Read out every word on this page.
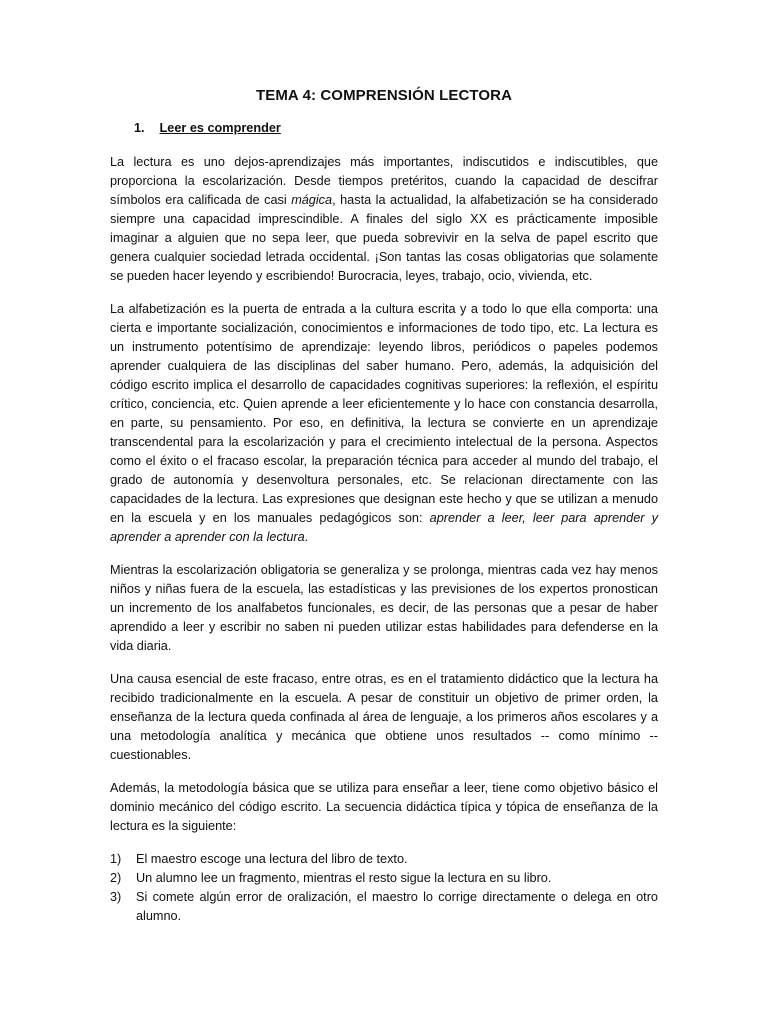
TEMA 4: COMPRENSIÓN LECTORA
1. Leer es comprender

La lectura es uno dejos-aprendizajes más importantes, indiscutidos e indiscutibles, que proporciona la escolarización. Desde tiempos pretéritos, cuando la capacidad de descifrar símbolos era calificada de casi mágica, hasta la actualidad, la alfabetización se ha considerado siempre una capacidad imprescindible. A finales del siglo XX es prácticamente imposible imaginar a alguien que no sepa leer, que pueda sobrevivir en la selva de papel escrito que genera cualquier sociedad letrada occidental. ¡Son tantas las cosas obligatorias que solamente se pueden hacer leyendo y escribiendo! Burocracia, leyes, trabajo, ocio, vivienda, etc.

La alfabetización es la puerta de entrada a la cultura escrita y a todo lo que ella comporta: una cierta e importante socialización, conocimientos e informaciones de todo tipo, etc. La lectura es un instrumento potentísimo de aprendizaje: leyendo libros, periódicos o papeles podemos aprender cualquiera de las disciplinas del saber humano. Pero, además, la adquisición del código escrito implica el desarrollo de capacidades cognitivas superiores: la reflexión, el espíritu crítico, conciencia, etc. Quien aprende a leer eficientemente y lo hace con constancia desarrolla, en parte, su pensamiento. Por eso, en definitiva, la lectura se convierte en un aprendizaje transcendental para la escolarización y para el crecimiento intelectual de la persona. Aspectos como el éxito o el fracaso escolar, la preparación técnica para acceder al mundo del trabajo, el grado de autonomía y desenvoltura personales, etc. Se relacionan directamente con las capacidades de la lectura. Las expresiones que designan este hecho y que se utilizan a menudo en la escuela y en los manuales pedagógicos son: aprender a leer, leer para aprender y aprender a aprender con la lectura.

Mientras la escolarización obligatoria se generaliza y se prolonga, mientras cada vez hay menos niños y niñas fuera de la escuela, las estadísticas y las previsiones de los expertos pronostican un incremento de los analfabetos funcionales, es decir, de las personas que a pesar de haber aprendido a leer y escribir no saben ni pueden utilizar estas habilidades para defenderse en la vida diaria.

Una causa esencial de este fracaso, entre otras, es en el tratamiento didáctico que la lectura ha recibido tradicionalmente en la escuela. A pesar de constituir un objetivo de primer orden, la enseñanza de la lectura queda confinada al área de lenguaje, a los primeros años escolares y a una metodología analítica y mecánica que obtiene unos resultados -- como mínimo -- cuestionables.

Además, la metodología básica que se utiliza para enseñar a leer, tiene como objetivo básico el dominio mecánico del código escrito. La secuencia didáctica típica y tópica de enseñanza de la lectura es la siguiente:

1) El maestro escoge una lectura del libro de texto.
2) Un alumno lee un fragmento, mientras el resto sigue la lectura en su libro.
3) Si comete algún error de oralización, el maestro lo corrige directamente o delega en otro alumno.
